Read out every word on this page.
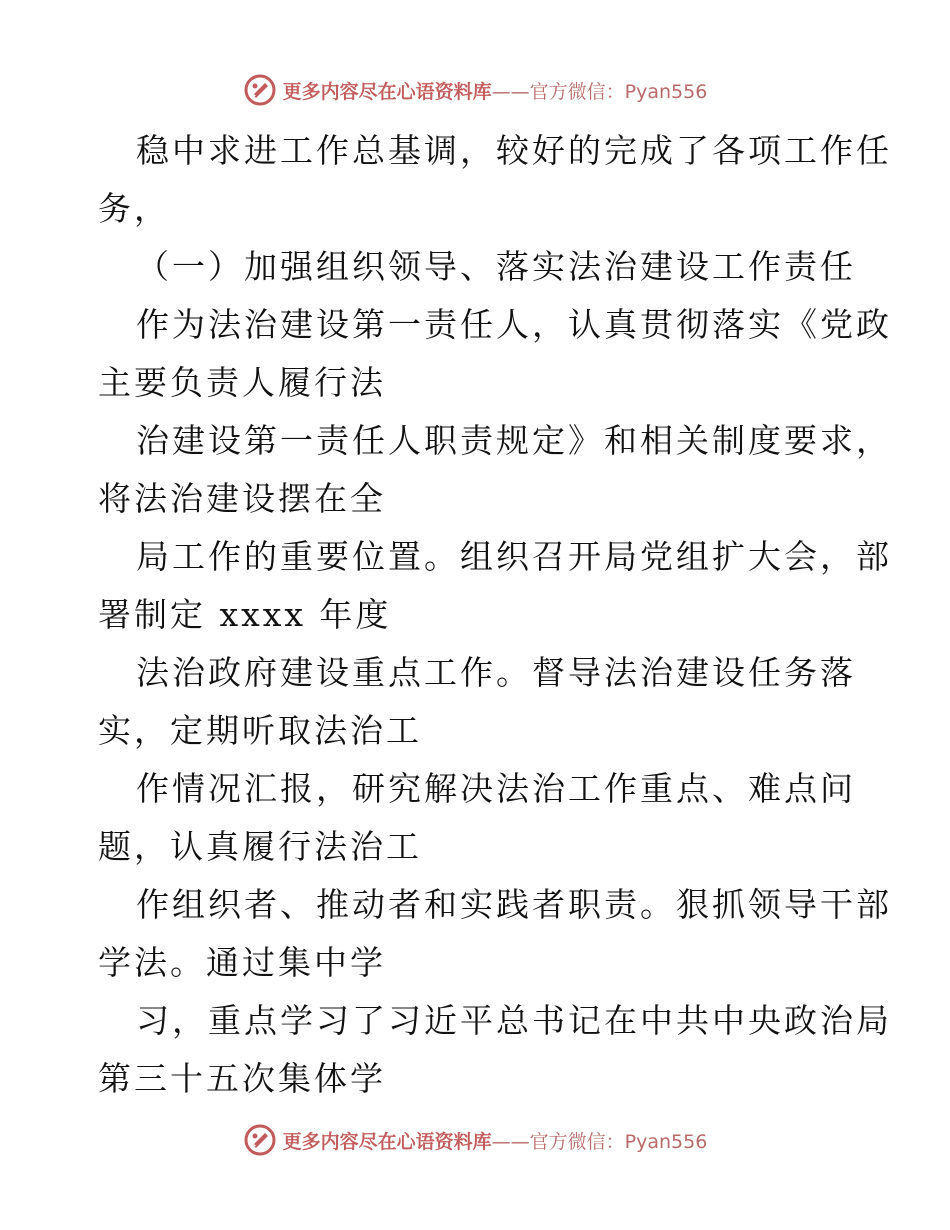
更多内容尽在心语资料库——官方微信：Pyan556
稳中求进工作总基调，较好的完成了各项工作任
务，
（一）加强组织领导、落实法治建设工作责任
作为法治建设第一责任人，认真贯彻落实《党政
主要负责人履行法
治建设第一责任人职责规定》和相关制度要求，
将法治建设摆在全
局工作的重要位置。组织召开局党组扩大会，部
署制定 xxxx 年度
法治政府建设重点工作。督导法治建设任务落
实，定期听取法治工
作情况汇报，研究解决法治工作重点、难点问
题，认真履行法治工
作组织者、推动者和实践者职责。狠抓领导干部
学法。通过集中学
习，重点学习了习近平总书记在中共中央政治局
第三十五次集体学
更多内容尽在心语资料库——官方微信：Pyan556
